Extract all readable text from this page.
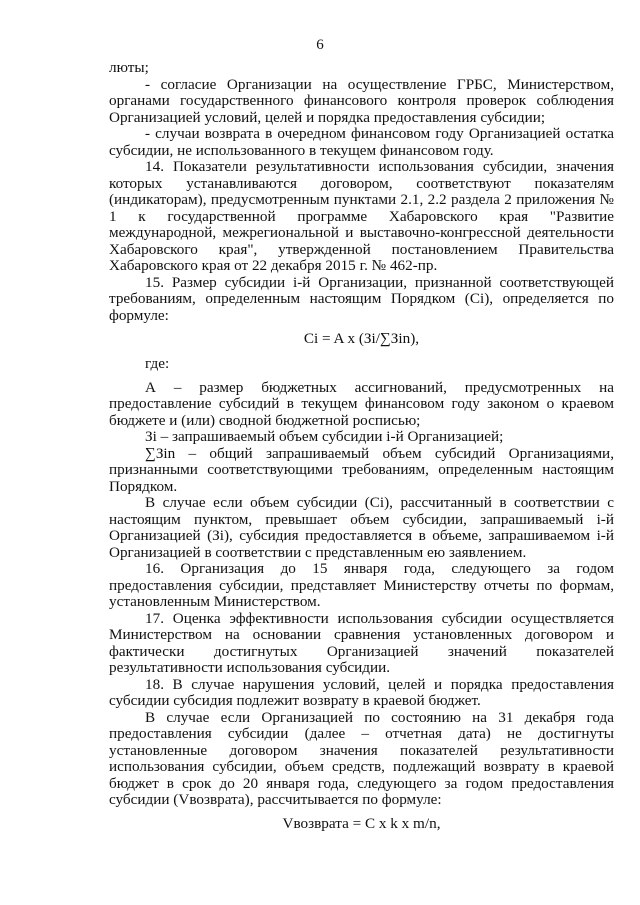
6

люты;

- согласие Организации на осуществление ГРБС, Министерством, органами государственного финансового контроля проверок соблюдения Организацией условий, целей и порядка предоставления субсидии;

- случаи возврата в очередном финансовом году Организацией остатка субсидии, не использованного в текущем финансовом году.

14. Показатели результативности использования субсидии, значения которых устанавливаются договором, соответствуют показателям (индикаторам), предусмотренным пунктами 2.1, 2.2 раздела 2 приложения № 1 к государственной программе Хабаровского края "Развитие международной, межрегиональной и выставочно-конгрессной деятельности Хабаровского края", утвержденной постановлением Правительства Хабаровского края от 22 декабря 2015 г. № 462-пр.

15. Размер субсидии i-й Организации, признанной соответствующей требованиям, определенным настоящим Порядком (Ci), определяется по формуле:

Ci = A x (Зi/∑Зin),

где:

А – размер бюджетных ассигнований, предусмотренных на предоставление субсидий в текущем финансовом году законом о краевом бюджете и (или) сводной бюджетной росписью;

Зi – запрашиваемый объем субсидии i-й Организацией;

∑Зin – общий запрашиваемый объем субсидий Организациями, признанными соответствующими требованиям, определенным настоящим Порядком.

В случае если объем субсидии (Ci), рассчитанный в соответствии с настоящим пунктом, превышает объем субсидии, запрашиваемый i-й Организацией (Зi), субсидия предоставляется в объеме, запрашиваемом i-й Организацией в соответствии с представленным ею заявлением.

16. Организация до 15 января года, следующего за годом предоставления субсидии, представляет Министерству отчеты по формам, установленным Министерством.

17. Оценка эффективности использования субсидии осуществляется Министерством на основании сравнения установленных договором и фактически достигнутых Организацией значений показателей результативности использования субсидии.

18. В случае нарушения условий, целей и порядка предоставления субсидии субсидия подлежит возврату в краевой бюджет.

В случае если Организацией по состоянию на 31 декабря года предоставления субсидии (далее – отчетная дата) не достигнуты установленные договором значения показателей результативности использования субсидии, объем средств, подлежащий возврату в краевой бюджет в срок до 20 января года, следующего за годом предоставления субсидии (Vвозврата), рассчитывается по формуле:

Vвозврата = C x k x m/n,
